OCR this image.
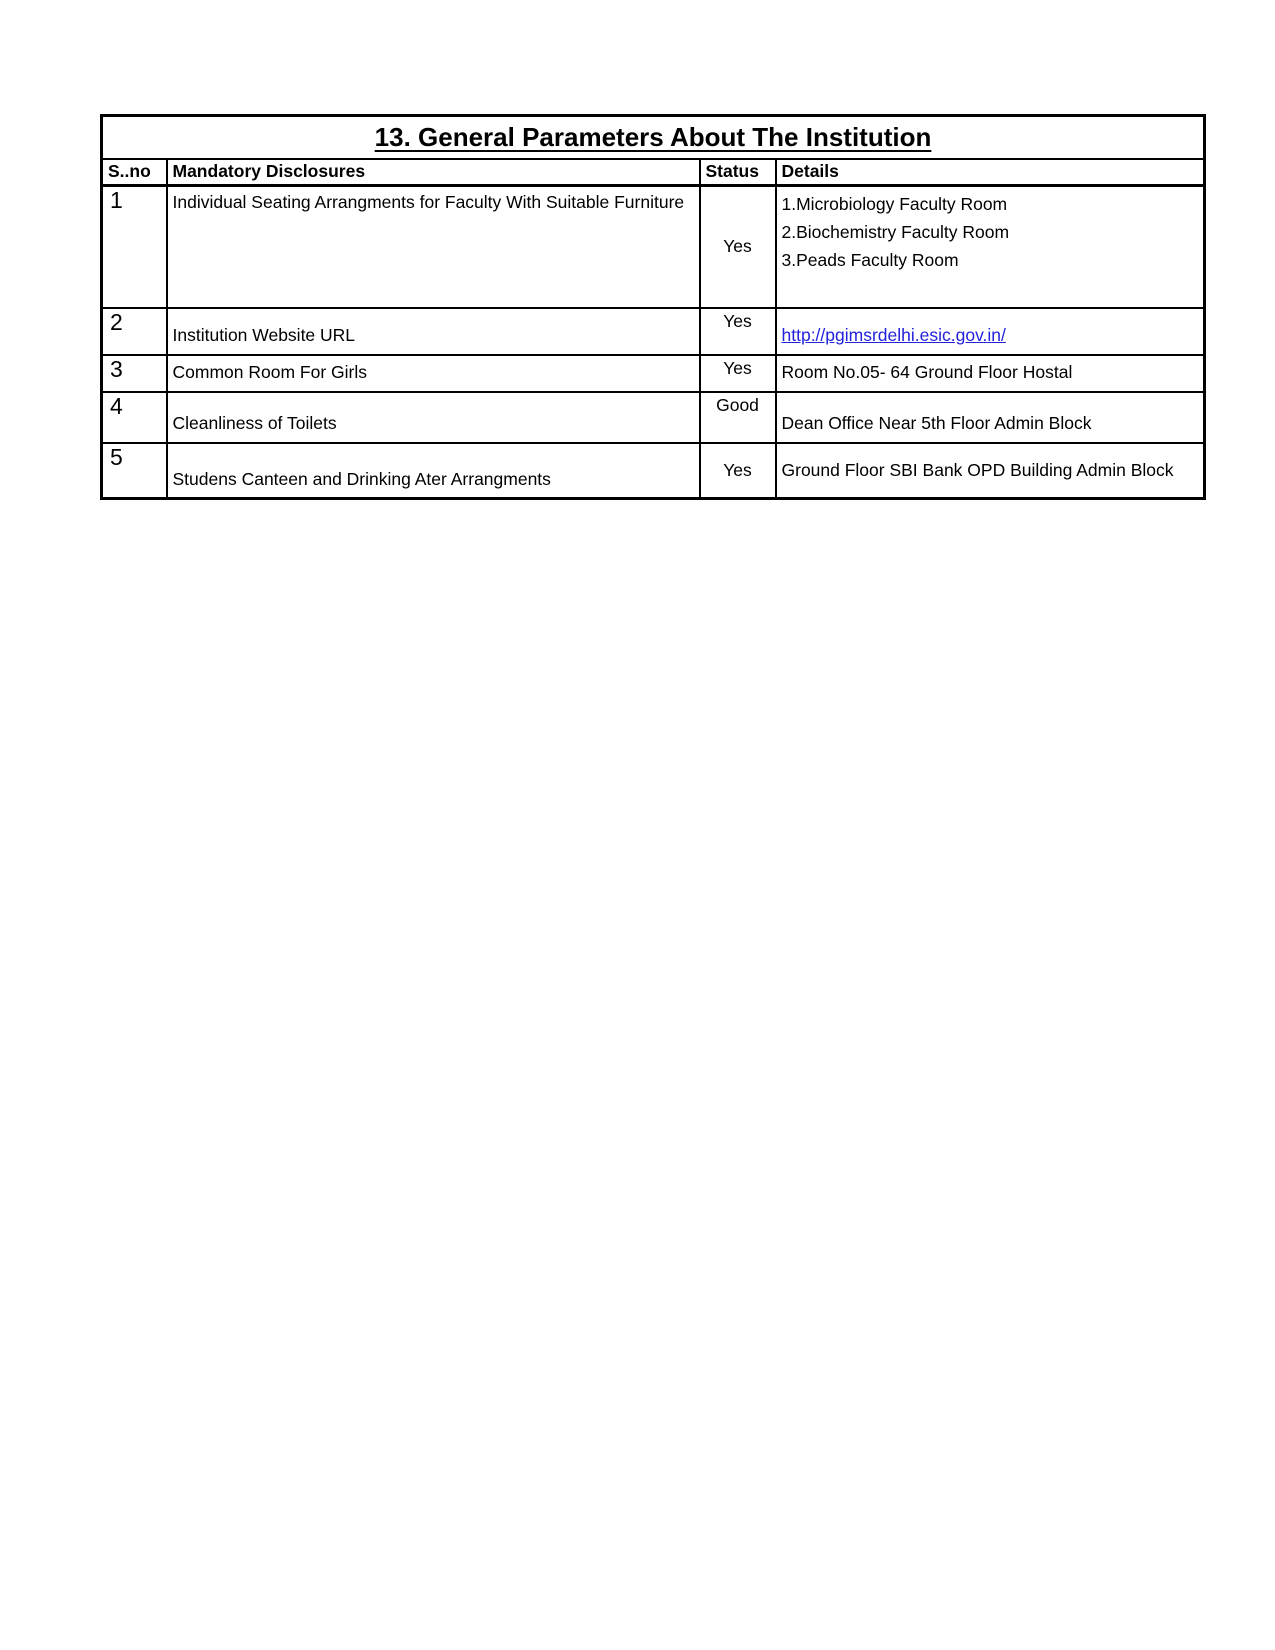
13. General Parameters About The Institution			
S..no	Mandatory Disclosures	Status	Details
1	Individual Seating Arrangments for Faculty With Suitable Furniture	Yes	1.Microbiology Faculty Room
2.Biochemistry Faculty Room
3.Peads Faculty Room

2	Institution Website URL	Yes	http://pgimsrdelhi.esic.gov.in/
3	Common Room For Girls	Yes	Room No.05- 64 Ground Floor Hostal
4	Cleanliness of Toilets	Good	Dean Office Near 5th Floor Admin Block
5	Studens Canteen and Drinking Ater Arrangments	Yes	Ground Floor SBI Bank OPD Building Admin Block
